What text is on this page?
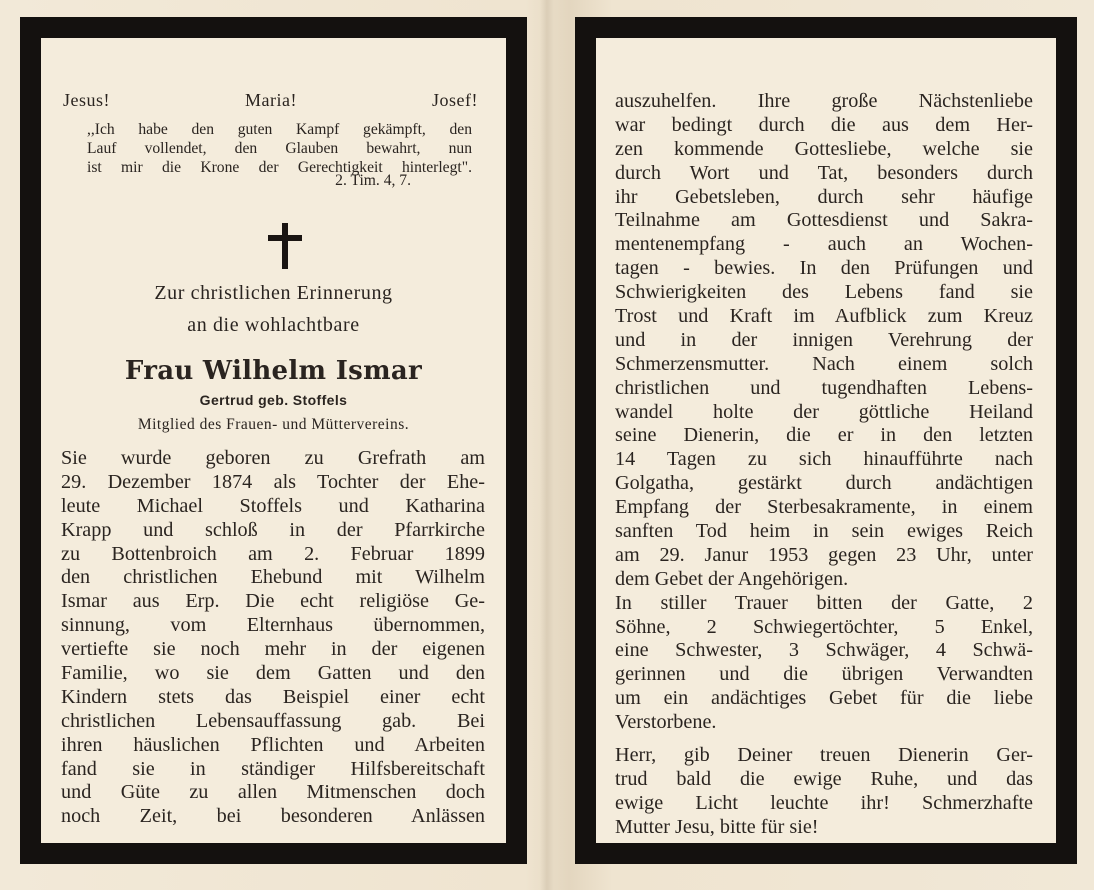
Jesus!	Maria!	Josef!
,,Ich habe den guten Kampf gekämpft, den
Lauf vollendet, den Glauben bewahrt, nun
ist mir die Krone der Gerechtigkeit hinterlegt".
2. Tim. 4, 7.
Zur christlichen Erinnerung
an die wohlachtbare
Frau Wilhelm Ismar
Gertrud geb. Stoffels
Mitglied des Frauen- und Müttervereins.
Sie wurde geboren zu Grefrath am
29. Dezember 1874 als Tochter der Ehe-
leute Michael Stoffels und Katharina
Krapp und schloß in der Pfarrkirche
zu Bottenbroich am 2. Februar 1899
den christlichen Ehebund mit Wilhelm
Ismar aus Erp. Die echt religiöse Ge-
sinnung, vom Elternhaus übernommen,
vertiefte sie noch mehr in der eigenen
Familie, wo sie dem Gatten und den
Kindern stets das Beispiel einer echt
christlichen Lebensauffassung gab. Bei
ihren häuslichen Pflichten und Arbeiten
fand sie in ständiger Hilfsbereitschaft
und Güte zu allen Mitmenschen doch
noch Zeit, bei besonderen Anlässen
auszuhelfen. Ihre große Nächstenliebe
war bedingt durch die aus dem Her-
zen kommende Gottesliebe, welche sie
durch Wort und Tat, besonders durch
ihr Gebetsleben, durch sehr häufige
Teilnahme am Gottesdienst und Sakra-
mentenempfang - auch an Wochen-
tagen - bewies. In den Prüfungen und
Schwierigkeiten des Lebens fand sie
Trost und Kraft im Aufblick zum Kreuz
und in der innigen Verehrung der
Schmerzensmutter. Nach einem solch
christlichen und tugendhaften Lebens-
wandel holte der göttliche Heiland
seine Dienerin, die er in den letzten
14 Tagen zu sich hinaufführte nach
Golgatha, gestärkt durch andächtigen
Empfang der Sterbesakramente, in einem
sanften Tod heim in sein ewiges Reich
am 29. Janur 1953 gegen 23 Uhr, unter
dem Gebet der Angehörigen.
In stiller Trauer bitten der Gatte, 2
Söhne, 2 Schwiegertöchter, 5 Enkel,
eine Schwester, 3 Schwäger, 4 Schwä-
gerinnen und die übrigen Verwandten
um ein andächtiges Gebet für die liebe
Verstorbene.
Herr, gib Deiner treuen Dienerin Ger-
trud bald die ewige Ruhe, und das
ewige Licht leuchte ihr! Schmerzhafte
Mutter Jesu, bitte für sie!
